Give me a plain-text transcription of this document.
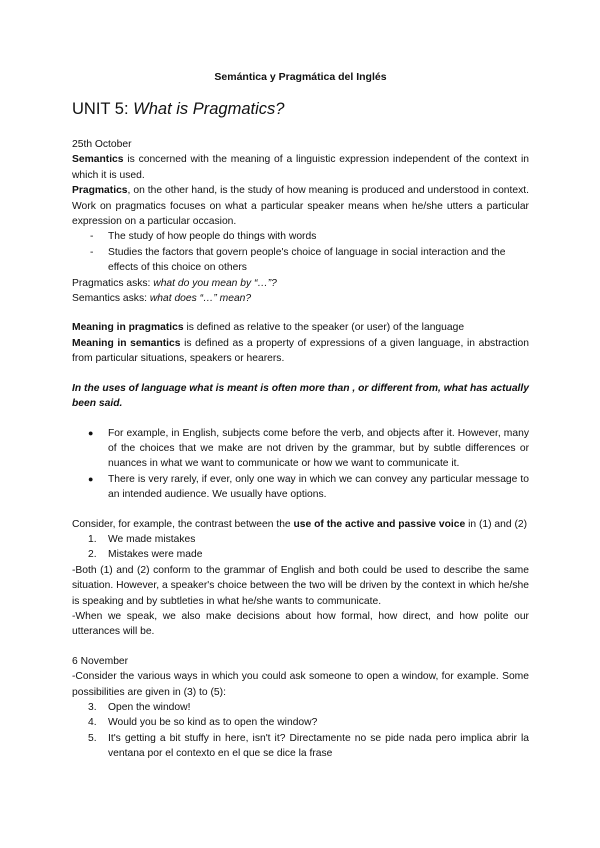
Semántica y Pragmática del Inglés
UNIT 5: What is Pragmatics?

25th October

Semantics is concerned with the meaning of a linguistic expression independent of the context in which it is used.

Pragmatics, on the other hand, is the study of how meaning is produced and understood in context. Work on pragmatics focuses on what a particular speaker means when he/she utters a particular expression on a particular occasion.

- The study of how people do things with words
- Studies the factors that govern people's choice of language in social interaction and the effects of this choice on others

Pragmatics asks: what do you mean by “…”?

Semantics asks: what does “…” mean?

Meaning in pragmatics is defined as relative to the speaker (or user) of the language

Meaning in semantics is defined as a property of expressions of a given language, in abstraction from particular situations, speakers or hearers.

In the uses of language what is meant is often more than , or different from, what has actually been said.

● For example, in English, subjects come before the verb, and objects after it. However, many of the choices that we make are not driven by the grammar, but by subtle differences or nuances in what we want to communicate or how we want to communicate it.
● There is very rarely, if ever, only one way in which we can convey any particular message to an intended audience. We usually have options.

Consider, for example, the contrast between the use of the active and passive voice in (1) and (2)

1. We made mistakes
2. Mistakes were made

-Both (1) and (2) conform to the grammar of English and both could be used to describe the same situation. However, a speaker's choice between the two will be driven by the context in which he/she is speaking and by subtleties in what he/she wants to communicate.

-When we speak, we also make decisions about how formal, how direct, and how polite our utterances will be.

6 November

-Consider the various ways in which you could ask someone to open a window, for example. Some possibilities are given in (3) to (5):

3. Open the window!
4. Would you be so kind as to open the window?
5. It's getting a bit stuffy in here, isn't it? Directamente no se pide nada pero implica abrir la ventana por el contexto en el que se dice la frase
